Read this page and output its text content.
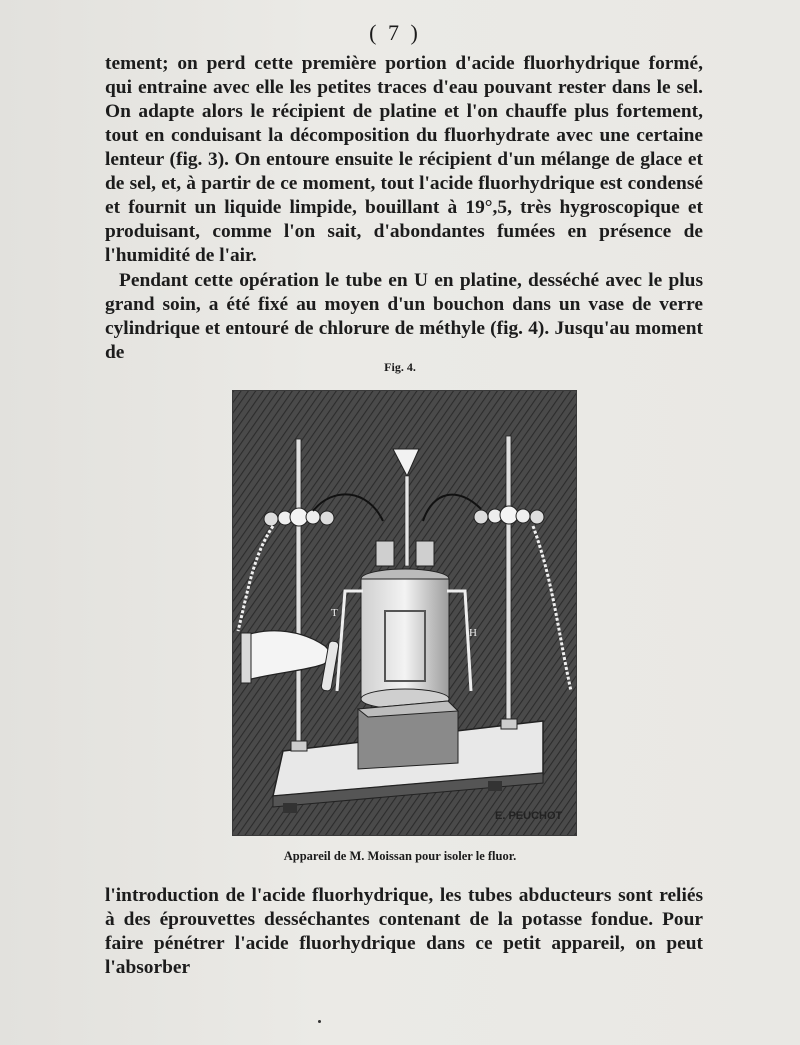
( 7 )

tement; on perd cette première portion d'acide fluorhydrique formé, qui entraine avec elle les petites traces d'eau pouvant rester dans le sel. On adapte alors le récipient de platine et l'on chauffe plus fortement, tout en conduisant la décomposition du fluorhydrate avec une certaine lenteur (fig. 3). On entoure ensuite le récipient d'un mélange de glace et de sel, et, à partir de ce moment, tout l'acide fluorhydrique est condensé et fournit un liquide limpide, bouillant à 19°,5, très hygroscopique et produisant, comme l'on sait, d'abondantes fumées en présence de l'humidité de l'air.

Pendant cette opération le tube en U en platine, desséché avec le plus grand soin, a été fixé au moyen d'un bouchon dans un vase de verre cylindrique et entouré de chlorure de méthyle (fig. 4). Jusqu'au moment de

Fig. 4.
E. PEUCHOT
T
H
Appareil de M. Moissan pour isoler le fluor.

l'introduction de l'acide fluorhydrique, les tubes abducteurs sont reliés à des éprouvettes desséchantes contenant de la potasse fondue. Pour faire pénétrer l'acide fluorhydrique dans ce petit appareil, on peut l'absorber
